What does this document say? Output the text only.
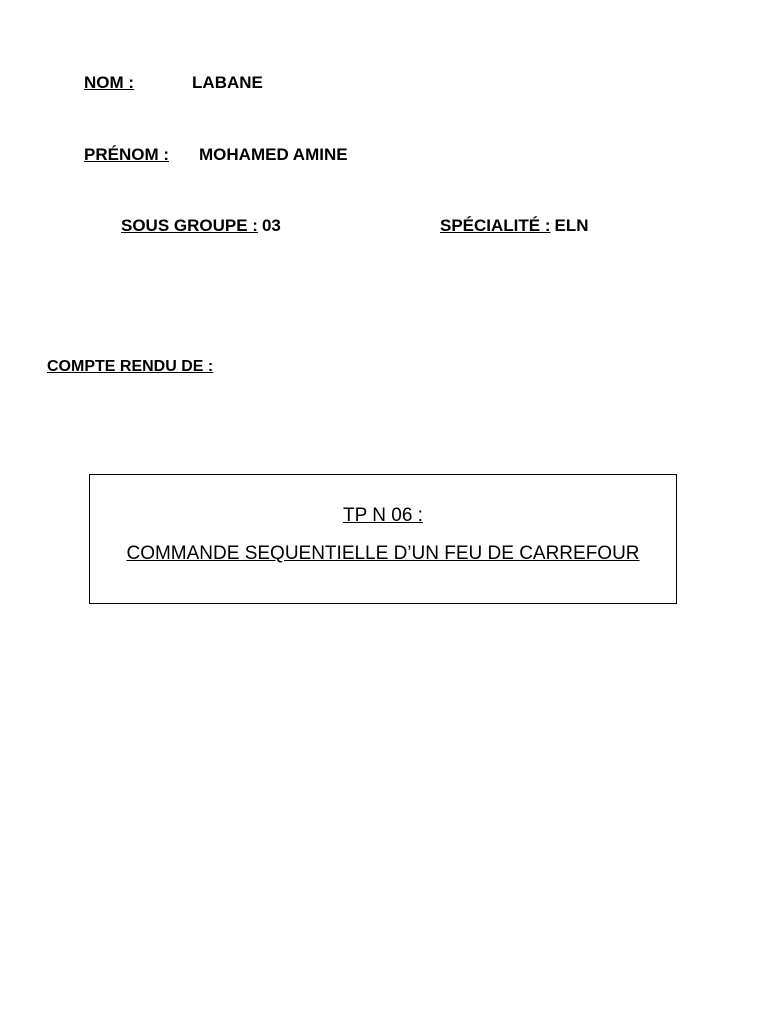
NOM :	LABANE
PRÉNOM : MOHAMED AMINE
SOUS GROUPE : 03	SPÉCIALITÉ : ELN
COMPTE RENDU DE :
TP N 06 :
COMMANDE SEQUENTIELLE D’UN FEU DE CARREFOUR
